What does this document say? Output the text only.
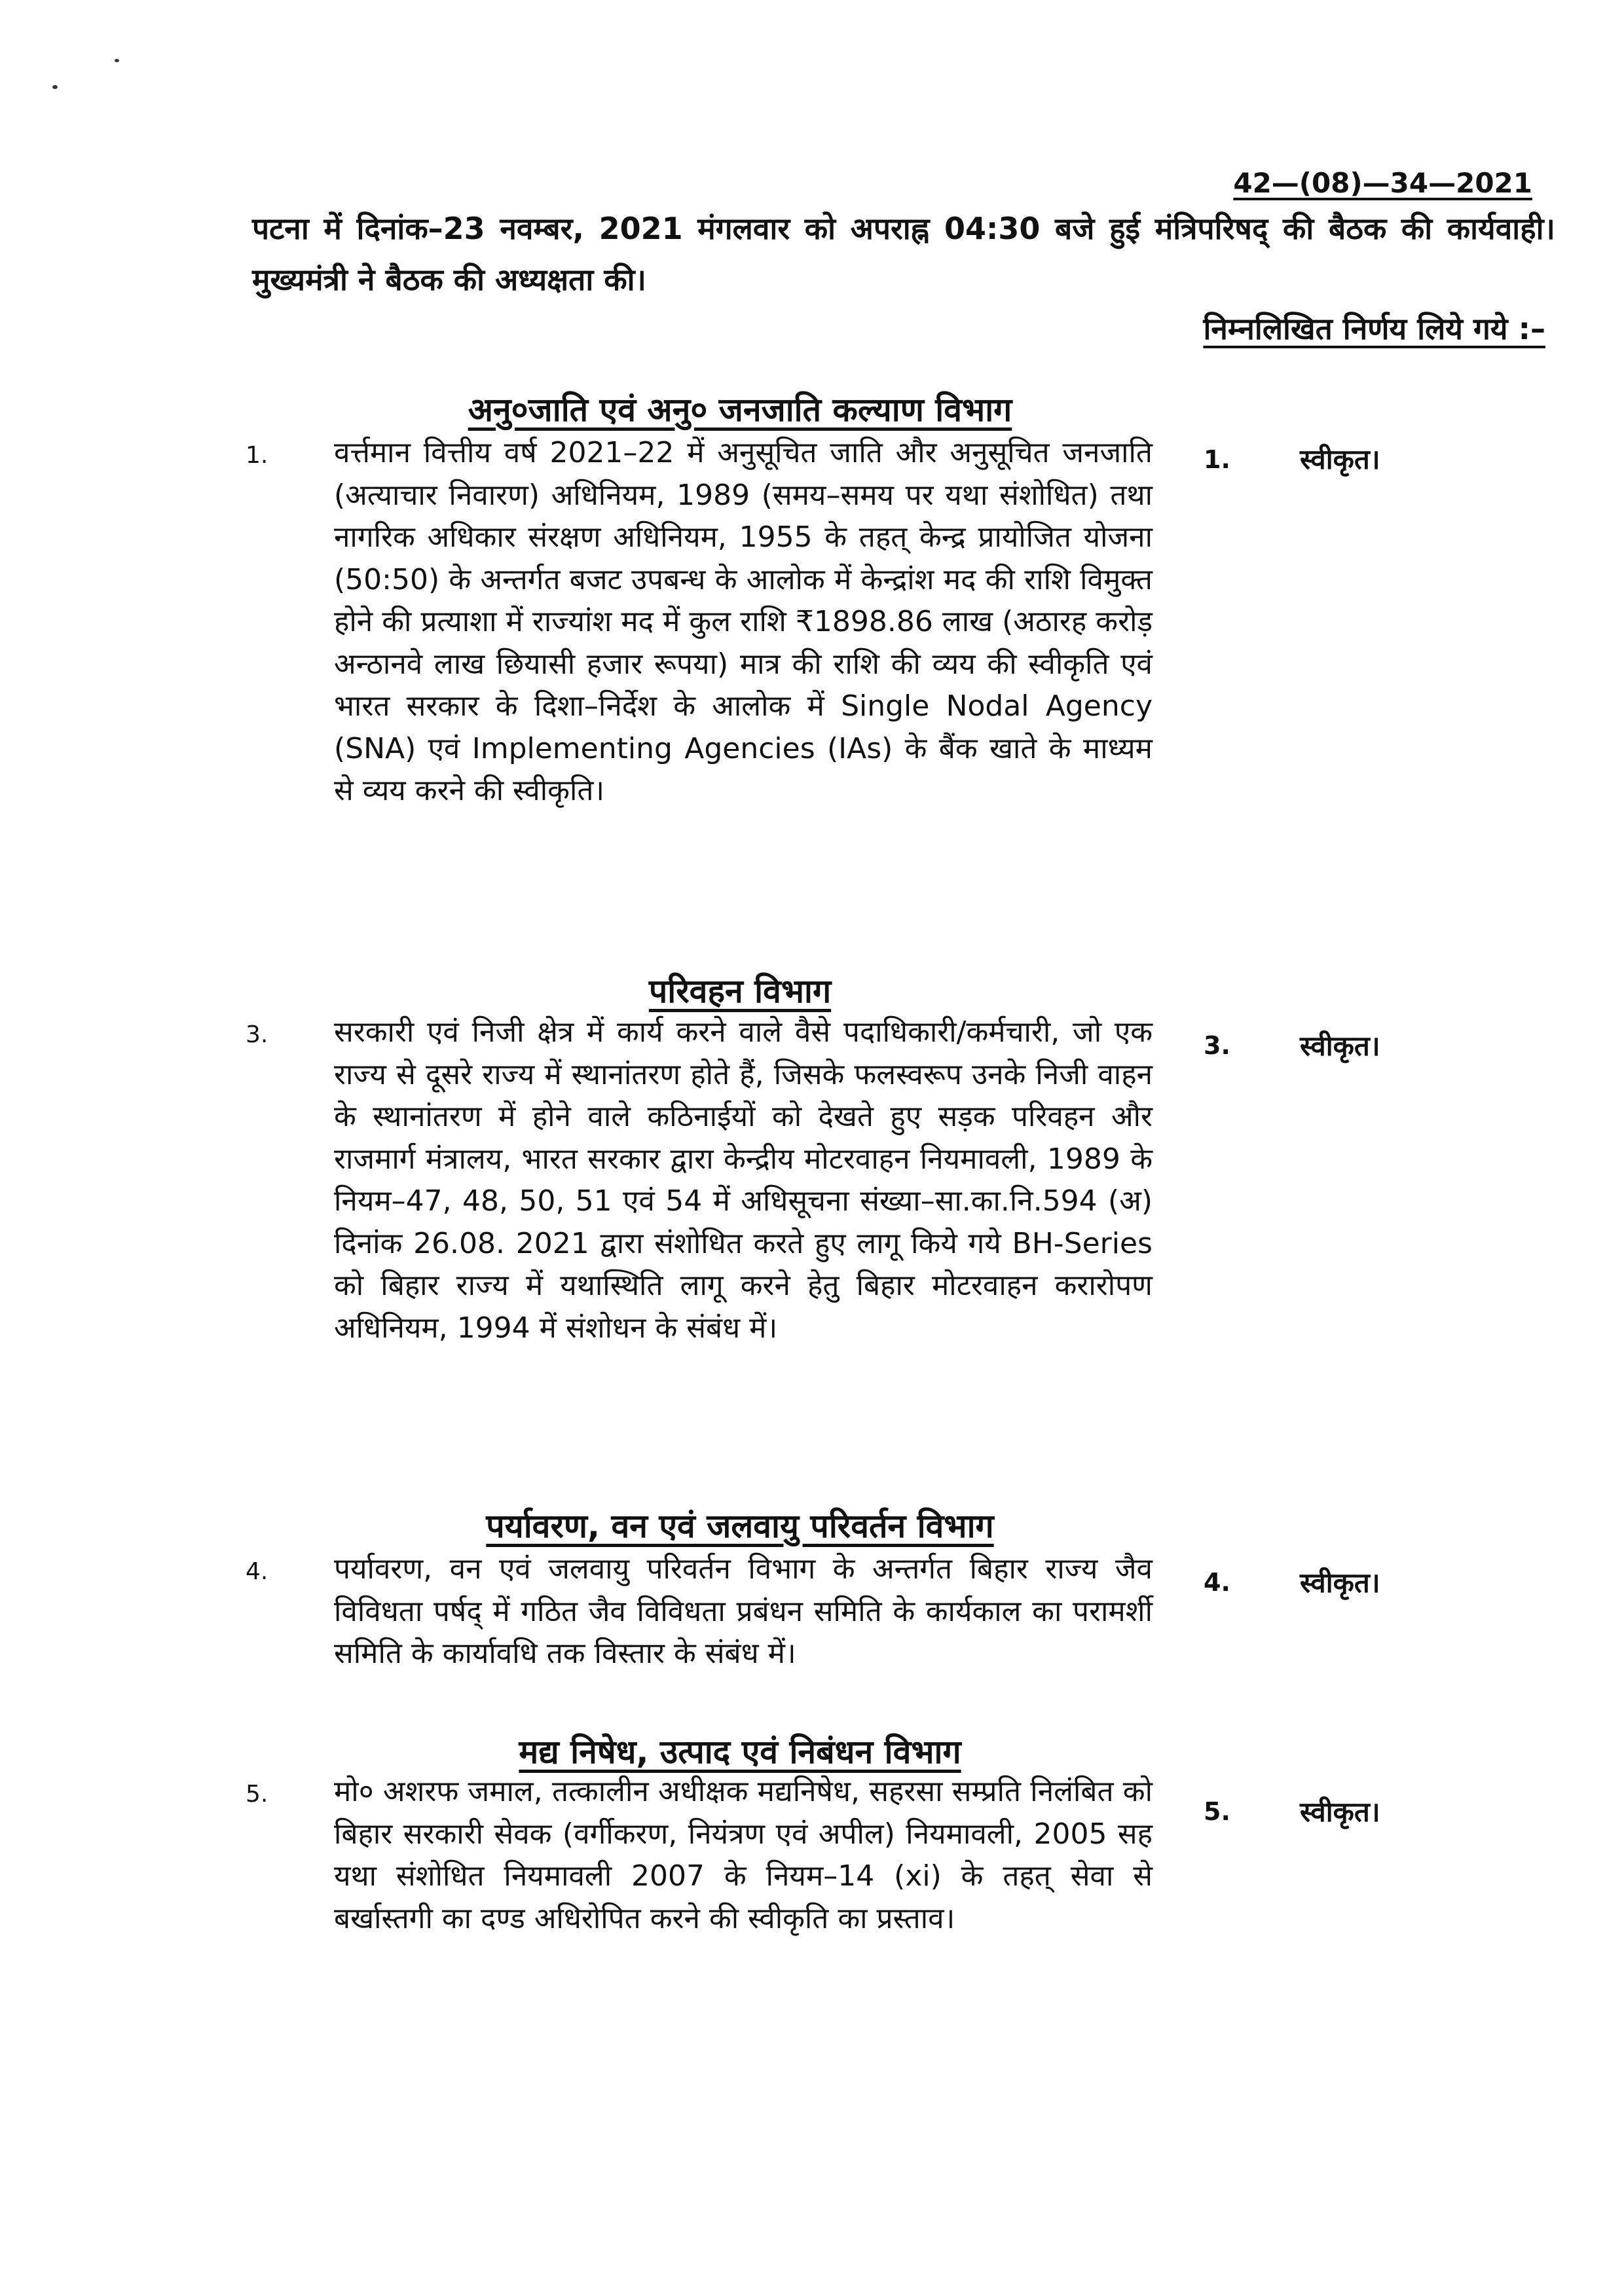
42—(08)—34—2021
पटना में दिनांक–23 नवम्बर, 2021 मंगलवार को अपराह्न 04:30 बजे हुई मंत्रिपरिषद् की बैठक की कार्यवाही। मुख्यमंत्री ने बैठक की अध्यक्षता की।
निम्नलिखित निर्णय लिये गये :–
अनु०जाति एवं अनु० जनजाति कल्याण विभाग
1. वर्त्तमान वित्तीय वर्ष 2021–22 में अनुसूचित जाति और अनुसूचित जनजाति (अत्याचार निवारण) अधिनियम, 1989 (समय–समय पर यथा संशोधित) तथा नागरिक अधिकार संरक्षण अधिनियम, 1955 के तहत् केन्द्र प्रायोजित योजना (50:50) के अन्तर्गत बजट उपबन्ध के आलोक में केन्द्रांश मद की राशि विमुक्त होने की प्रत्याशा में राज्यांश मद में कुल राशि ₹1898.86 लाख (अठारह करोड़ अन्ठानवे लाख छियासी हजार रूपया) मात्र की राशि की व्यय की स्वीकृति एवं भारत सरकार के दिशा–निर्देश के आलोक में Single Nodal Agency (SNA) एवं Implementing Agencies (IAs) के बैंक खाते के माध्यम से व्यय करने की स्वीकृति।
1.	स्वीकृत।
परिवहन विभाग
3. सरकारी एवं निजी क्षेत्र में कार्य करने वाले वैसे पदाधिकारी/कर्मचारी, जो एक राज्य से दूसरे राज्य में स्थानांतरण होते हैं, जिसके फलस्वरूप उनके निजी वाहन के स्थानांतरण में होने वाले कठिनाईयों को देखते हुए सड़क परिवहन और राजमार्ग मंत्रालय, भारत सरकार द्वारा केन्द्रीय मोटरवाहन नियमावली, 1989 के नियम–47, 48, 50, 51 एवं 54 में अधिसूचना संख्या–सा.का.नि.594 (अ) दिनांक 26.08. 2021 द्वारा संशोधित करते हुए लागू किये गये BH-Series को बिहार राज्य में यथास्थिति लागू करने हेतु बिहार मोटरवाहन करारोपण अधिनियम, 1994 में संशोधन के संबंध में।
3.	स्वीकृत।
पर्यावरण, वन एवं जलवायु परिवर्तन विभाग
4. पर्यावरण, वन एवं जलवायु परिवर्तन विभाग के अन्तर्गत बिहार राज्य जैव विविधता पर्षद् में गठित जैव विविधता प्रबंधन समिति के कार्यकाल का परामर्शी समिति के कार्यावधि तक विस्तार के संबंध में।
4.	स्वीकृत।
मद्य निषेध, उत्पाद एवं निबंधन विभाग
5. मो० अशरफ जमाल, तत्कालीन अधीक्षक मद्यनिषेध, सहरसा सम्प्रति निलंबित को बिहार सरकारी सेवक (वर्गीकरण, नियंत्रण एवं अपील) नियमावली, 2005 सह यथा संशोधित नियमावली 2007 के नियम–14 (xi) के तहत् सेवा से बर्खास्तगी का दण्ड अधिरोपित करने की स्वीकृति का प्रस्ताव।
5.	स्वीकृत।
